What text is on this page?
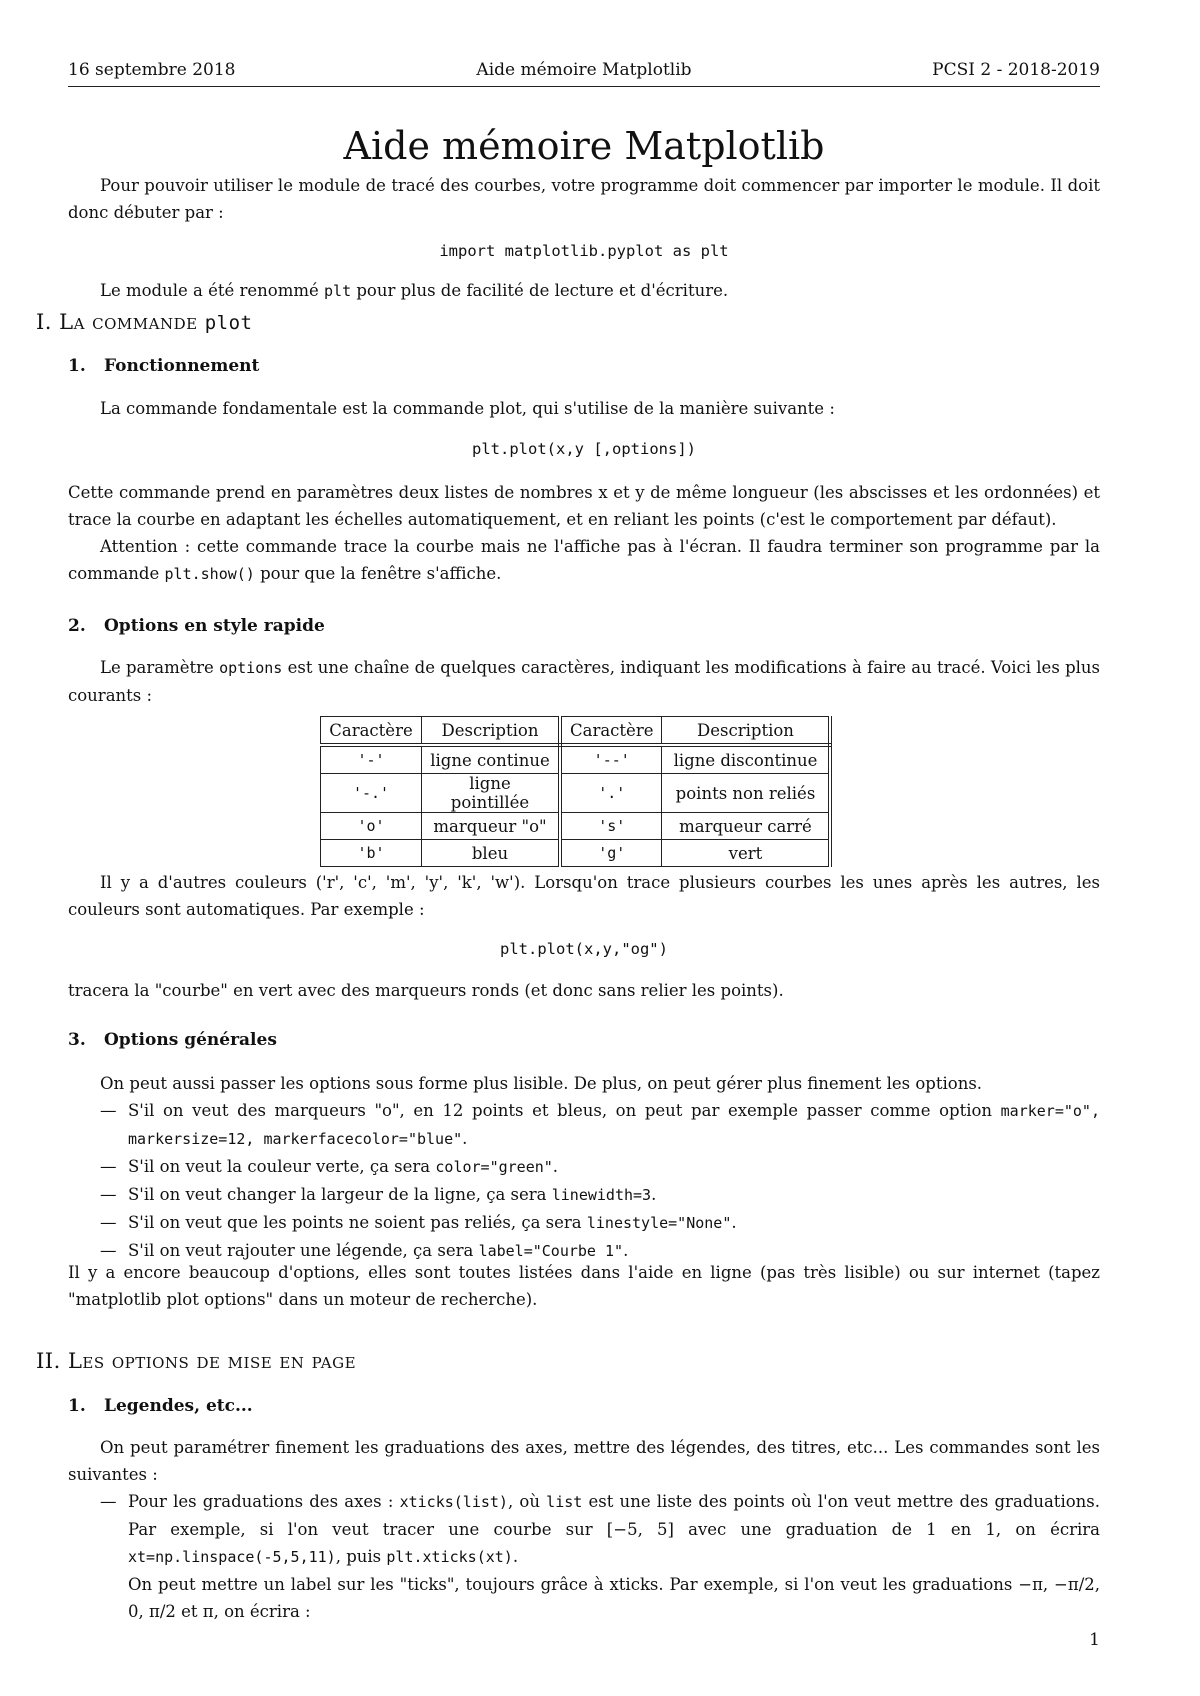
16 septembre 2018	Aide mémoire Matplotlib	PCSI 2 - 2018-2019
Aide mémoire Matplotlib

Pour pouvoir utiliser le module de tracé des courbes, votre programme doit commencer par importer le module. Il doit donc débuter par :

import matplotlib.pyplot as plt

Le module a été renommé plt pour plus de facilité de lecture et d'écriture.

I. La commande plot
1. Fonctionnement

La commande fondamentale est la commande plot, qui s'utilise de la manière suivante :

plt.plot(x,y [,options])

Cette commande prend en paramètres deux listes de nombres x et y de même longueur (les abscisses et les ordonnées) et trace la courbe en adaptant les échelles automatiquement, et en reliant les points (c'est le comportement par défaut).

Attention : cette commande trace la courbe mais ne l'affiche pas à l'écran. Il faudra terminer son programme par la commande plt.show() pour que la fenêtre s'affiche.

2. Options en style rapide

Le paramètre options est une chaîne de quelques caractères, indiquant les modifications à faire au tracé. Voici les plus courants :

Caractère	Description	Caractère	Description
'-'	ligne continue	'--'	ligne discontinue
'-.'	ligne pointillée	'.'	points non reliés
'o'	marqueur "o"	's'	marqueur carré
'b'	bleu	'g'	vert

Il y a d'autres couleurs ('r', 'c', 'm', 'y', 'k', 'w'). Lorsqu'on trace plusieurs courbes les unes après les autres, les couleurs sont automatiques. Par exemple :

plt.plot(x,y,"og")

tracera la "courbe" en vert avec des marqueurs ronds (et donc sans relier les points).

3. Options générales

On peut aussi passer les options sous forme plus lisible. De plus, on peut gérer plus finement les options.

— S'il on veut des marqueurs "o", en 12 points et bleus, on peut par exemple passer comme option marker="o", markersize=12, markerfacecolor="blue".
— S'il on veut la couleur verte, ça sera color="green".
— S'il on veut changer la largeur de la ligne, ça sera linewidth=3.
— S'il on veut que les points ne soient pas reliés, ça sera linestyle="None".
— S'il on veut rajouter une légende, ça sera label="Courbe 1".

Il y a encore beaucoup d'options, elles sont toutes listées dans l'aide en ligne (pas très lisible) ou sur internet (tapez "matplotlib plot options" dans un moteur de recherche).

II. Les options de mise en page
1. Legendes, etc...

On peut paramétrer finement les graduations des axes, mettre des légendes, des titres, etc... Les commandes sont les suivantes :

— Pour les graduations des axes : xticks(list), où list est une liste des points où l'on veut mettre des graduations. Par exemple, si l'on veut tracer une courbe sur [−5, 5] avec une graduation de 1 en 1, on écrira xt=np.linspace(-5,5,11), puis plt.xticks(xt).
On peut mettre un label sur les "ticks", toujours grâce à xticks. Par exemple, si l'on veut les graduations −π, −π/2, 0, π/2 et π, on écrira :
1
